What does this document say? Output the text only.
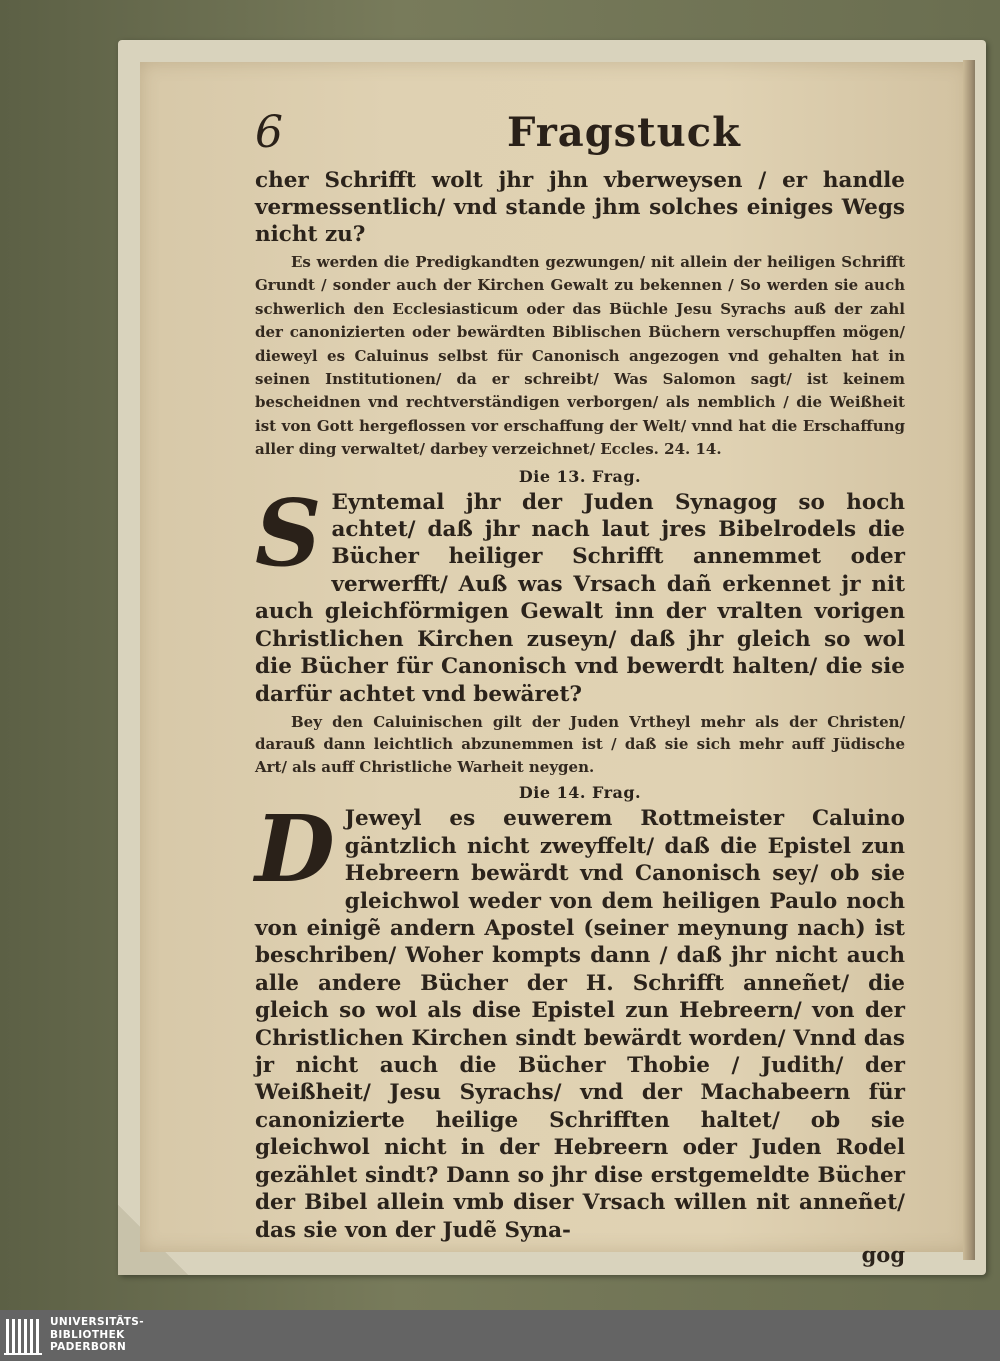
6	Fragstuck

cher Schrifft wolt jhr jhn vberweysen / er handle vermessentlich/ vnd stande jhm solches einiges Wegs nicht zu?

Es werden die Predigkandten gezwungen/ nit allein der heiligen Schrifft Grundt / sonder auch der Kirchen Gewalt zu bekennen / So werden sie auch schwerlich den Ecclesiasticum oder das Büchle Jesu Syrachs auß der zahl der canonizierten oder bewärdten Biblischen Büchern verschupffen mögen/ dieweyl es Caluinus selbst für Canonisch angezogen vnd gehalten hat in seinen Institutionen/ da er schreibt/ Was Salomon sagt/ ist keinem bescheidnen vnd rechtverständigen verborgen/ als nemblich / die Weißheit ist von Gott hergeflossen vor erschaffung der Welt/ vnnd hat die Erschaffung aller ding verwaltet/ darbey verzeichnet/ Eccles. 24. 14.

Die 13. Frag.
S Eyntemal jhr der Juden Synagog so hoch achtet/ daß jhr nach laut jres Bibelrodels die Bücher heiliger Schrifft annemmet oder verwerfft/ Auß was Vrsach dañ erkennet jr nit auch gleichförmigen Gewalt inn der vralten vorigen Christlichen Kirchen zuseyn/ daß jhr gleich so wol die Bücher für Canonisch vnd bewerdt halten/ die sie darfür achtet vnd bewäret?

Bey den Caluinischen gilt der Juden Vrtheyl mehr als der Christen/ darauß dann leichtlich abzunemmen ist / daß sie sich mehr auff Jüdische Art/ als auff Christliche Warheit neygen.

Die 14. Frag.
D Jeweyl es euwerem Rottmeister Caluino gäntzlich nicht zweyffelt/ daß die Epistel zun Hebreern bewärdt vnd Canonisch sey/ ob sie gleichwol weder von dem heiligen Paulo noch von einigẽ andern Apostel (seiner meynung nach) ist beschriben/ Woher kompts dann / daß jhr nicht auch alle andere Bücher der H. Schrifft anneñet/ die gleich so wol als dise Epistel zun Hebreern/ von der Christlichen Kirchen sindt bewärdt worden/ Vnnd das jr nicht auch die Bücher Thobie / Judith/ der Weißheit/ Jesu Syrachs/ vnd der Machabeern für canonizierte heilige Schrifften haltet/ ob sie gleichwol nicht in der Hebreern oder Juden Rodel gezählet sindt? Dann so jhr dise erstgemeldte Bücher der Bibel allein vmb diser Vrsach willen nit anneñet/ das sie von der Judẽ Syna-

gog
UNIVERSITÄTS-
BIBLIOTHEK
PADERBORN
